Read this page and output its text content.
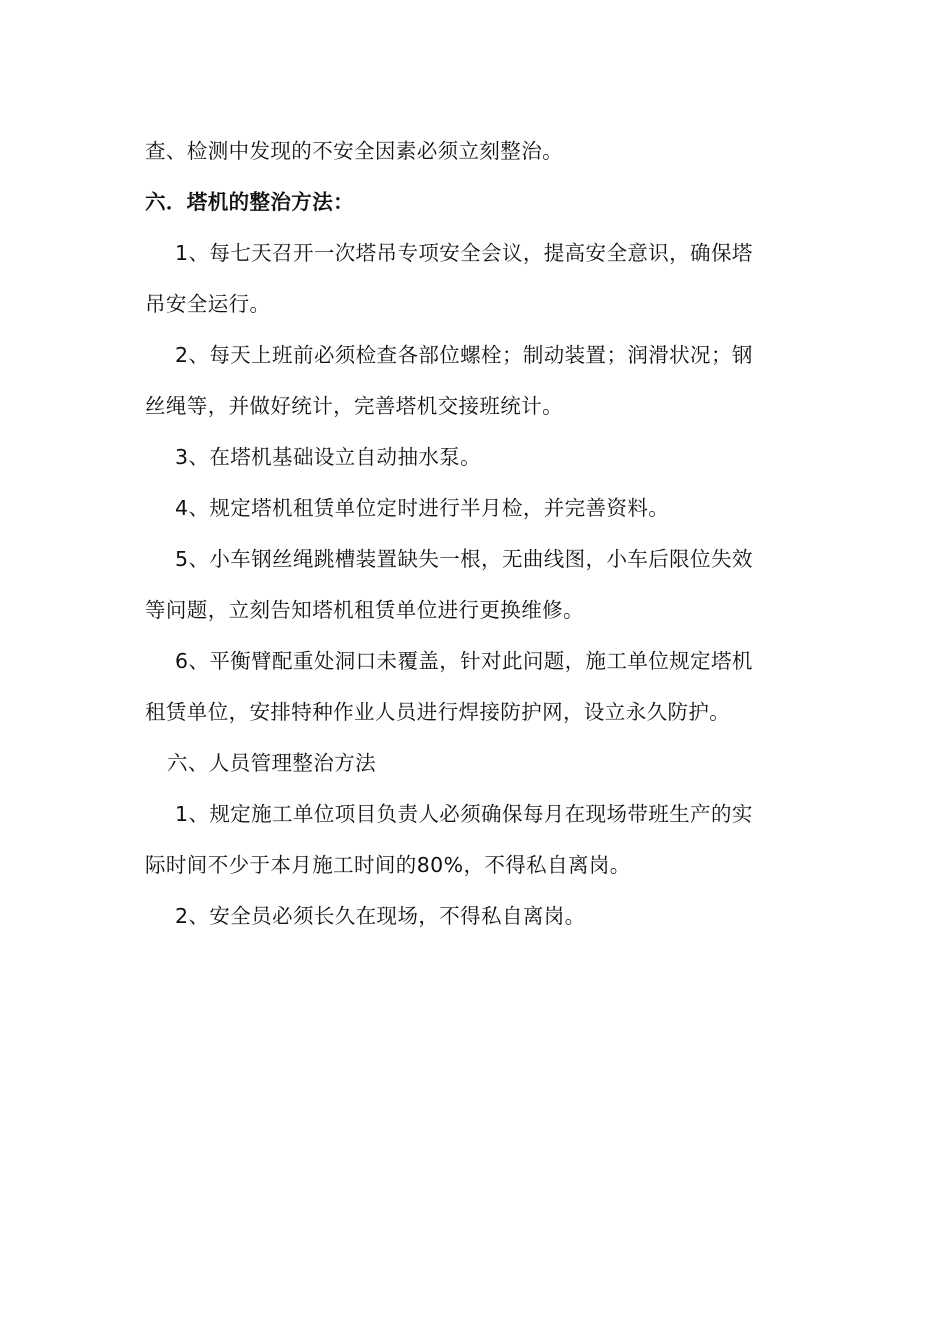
查、检测中发现的不安全因素必须立刻整治。
六．塔机的整治方法：
1、每七天召开一次塔吊专项安全会议，提高安全意识，确保塔
吊安全运行。
2、每天上班前必须检查各部位螺栓；制动装置；润滑状况；钢
丝绳等，并做好统计，完善塔机交接班统计。
3、在塔机基础设立自动抽水泵。
4、规定塔机租赁单位定时进行半月检，并完善资料。
5、小车钢丝绳跳槽装置缺失一根，无曲线图，小车后限位失效
等问题，立刻告知塔机租赁单位进行更换维修。
6、平衡臂配重处洞口未覆盖，针对此问题，施工单位规定塔机
租赁单位，安排特种作业人员进行焊接防护网，设立永久防护。
六、人员管理整治方法
1、规定施工单位项目负责人必须确保每月在现场带班生产的实
际时间不少于本月施工时间的80%，不得私自离岗。
2、安全员必须长久在现场，不得私自离岗。
